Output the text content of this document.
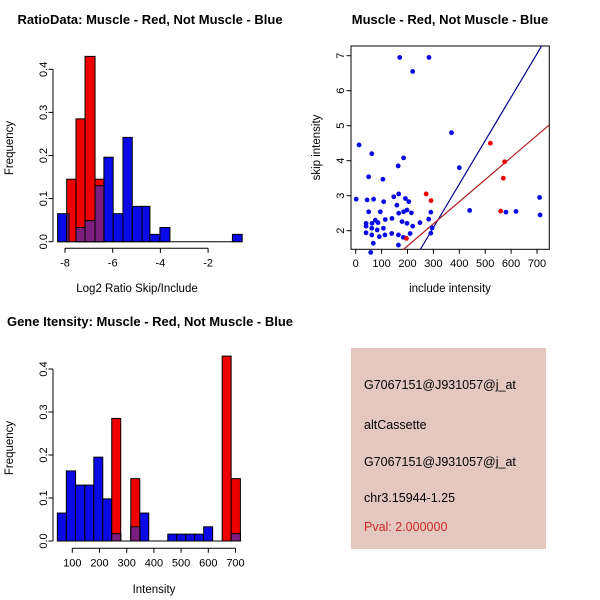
RatioData: Muscle - Red, Not Muscle - Blue	Muscle - Red, Not Muscle - Blue
Gene Itensity: Muscle - Red, Not Muscle - Blue
0.0
0.1
0.2
0.3
0.4
-8	-6	-4	-2
Log2 Ratio Skip/Include
Frequency
0 100 200 300 400 500 600 700
2
3
4
5
6
7
include intensity
skip intensity
0.0
0.1
0.2
0.3
0.4
100 200 300 400 500 600 700
Intensity
Frequency
G7067151@J931057@j_at
altCassette
G7067151@J931057@j_at
chr3.15944-1.25
Pval: 2.000000
